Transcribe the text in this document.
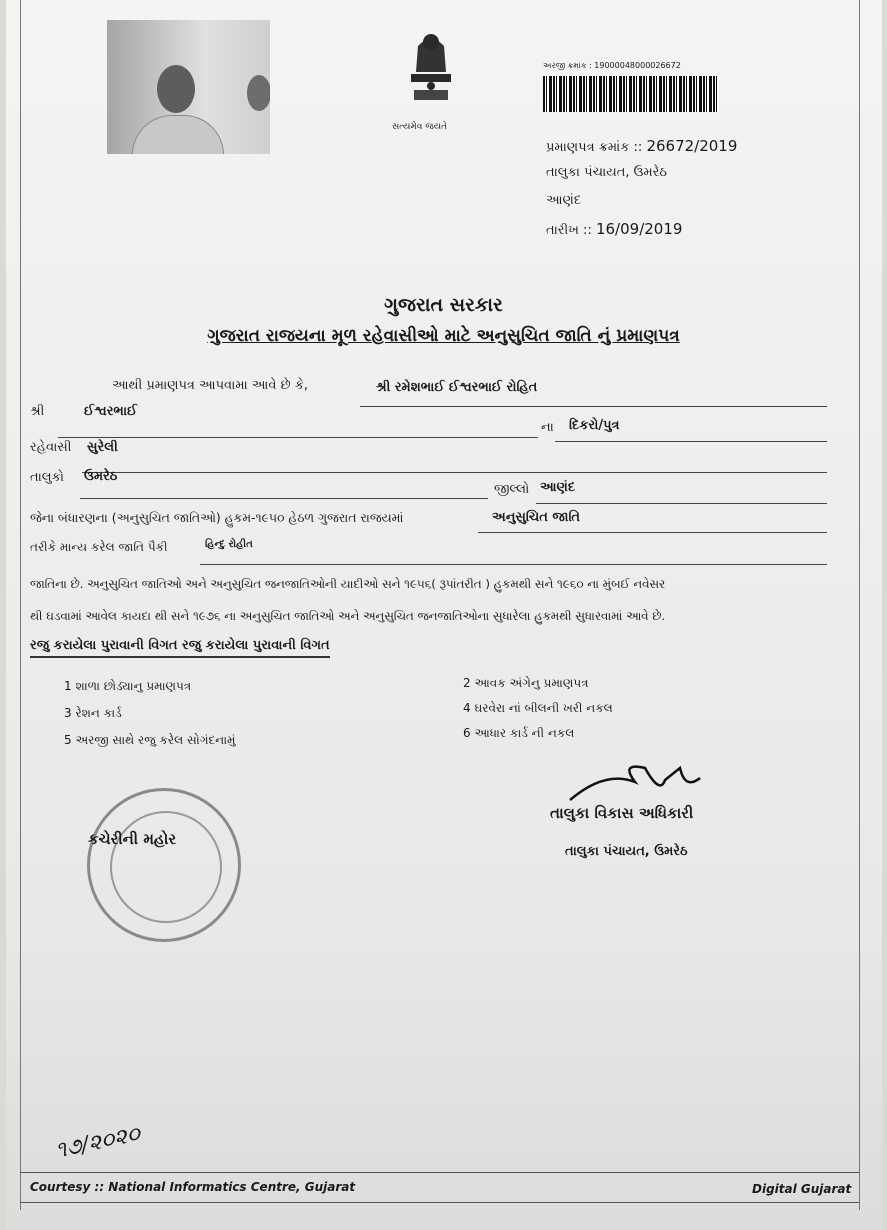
સત્યમેવ જયતે
અરજી ક્રમાંક : 19000048000026672
પ્રમાણપત્ર ક્રમાંક :: 26672/2019
તાલુકા પંચાયત, ઉમરેઠ
આણંદ
તારીખ :: 16/09/2019
ગુજરાત સરકાર
ગુજરાત રાજયના મૂળ રહેવાસીઓ માટે અનુસુચિત જાતિ નું પ્રમાણપત્ર
આથી પ્રમાણપત્ર આપવામા આવે છે કે,	શ્રી રમેશભાઈ ઈશ્વરભાઈ રોહિત
શ્રી	ઈશ્વરભાઈ
ના દિકરો/પુત્ર
રહેવાસી સુરેલી
તાલુકો ઉમરેઠ
જીલ્લો આણંદ
જેના બંધારણના (અનુસુચિત જાતિઓ) હુકમ-૧૯૫૦ હેઠળ ગુજરાત રાજયમાં	અનુસુચિત જાતિ
તરીકે માન્ય કરેલ જાતિ પૈકી	હિન્દુ રોહીત
જાતિના છે. અનુસુચિત જાતિઓ અને અનુસુચિત જનજાતિઓની યાદીઓ સને ૧૯૫૬( રૂપાંતરીત ) હુકમથી સને ૧૯૬૦ ના મુંબઈ નવેસર
થી ઘડવામાં આવેલ કાયદા થી સને ૧૯૭૬ ના અનુસુચિત જાતિઓ અને અનુસુચિત જનજાતિઓના સુધારેલા હુકમથી સુધારવામાં આવે છે.
રજુ કરાયેલા પુરાવાની વિગત રજુ કરાયેલા પુરાવાની વિગત
1 શાળા છોડ્યાનુ પ્રમાણપત્ર	2 આવક અંગેનુ પ્રમાણપત્ર
3 રેશન કાર્ડ	4 ઘરવેરા નાં બીલની ખરી નકલ
5 અરજી સાથે રજુ કરેલ સોગંદનામું	6 આધાર કાર્ડ ની નકલ
તાલુકા વિકાસ અધિકારી
તાલુકા પંચાયત, ઉમરેઠ
કચેરીની મહોર
૧૭/૨૦૨૦
Courtesy :: National Informatics Centre, Gujarat	Digital Gujarat
